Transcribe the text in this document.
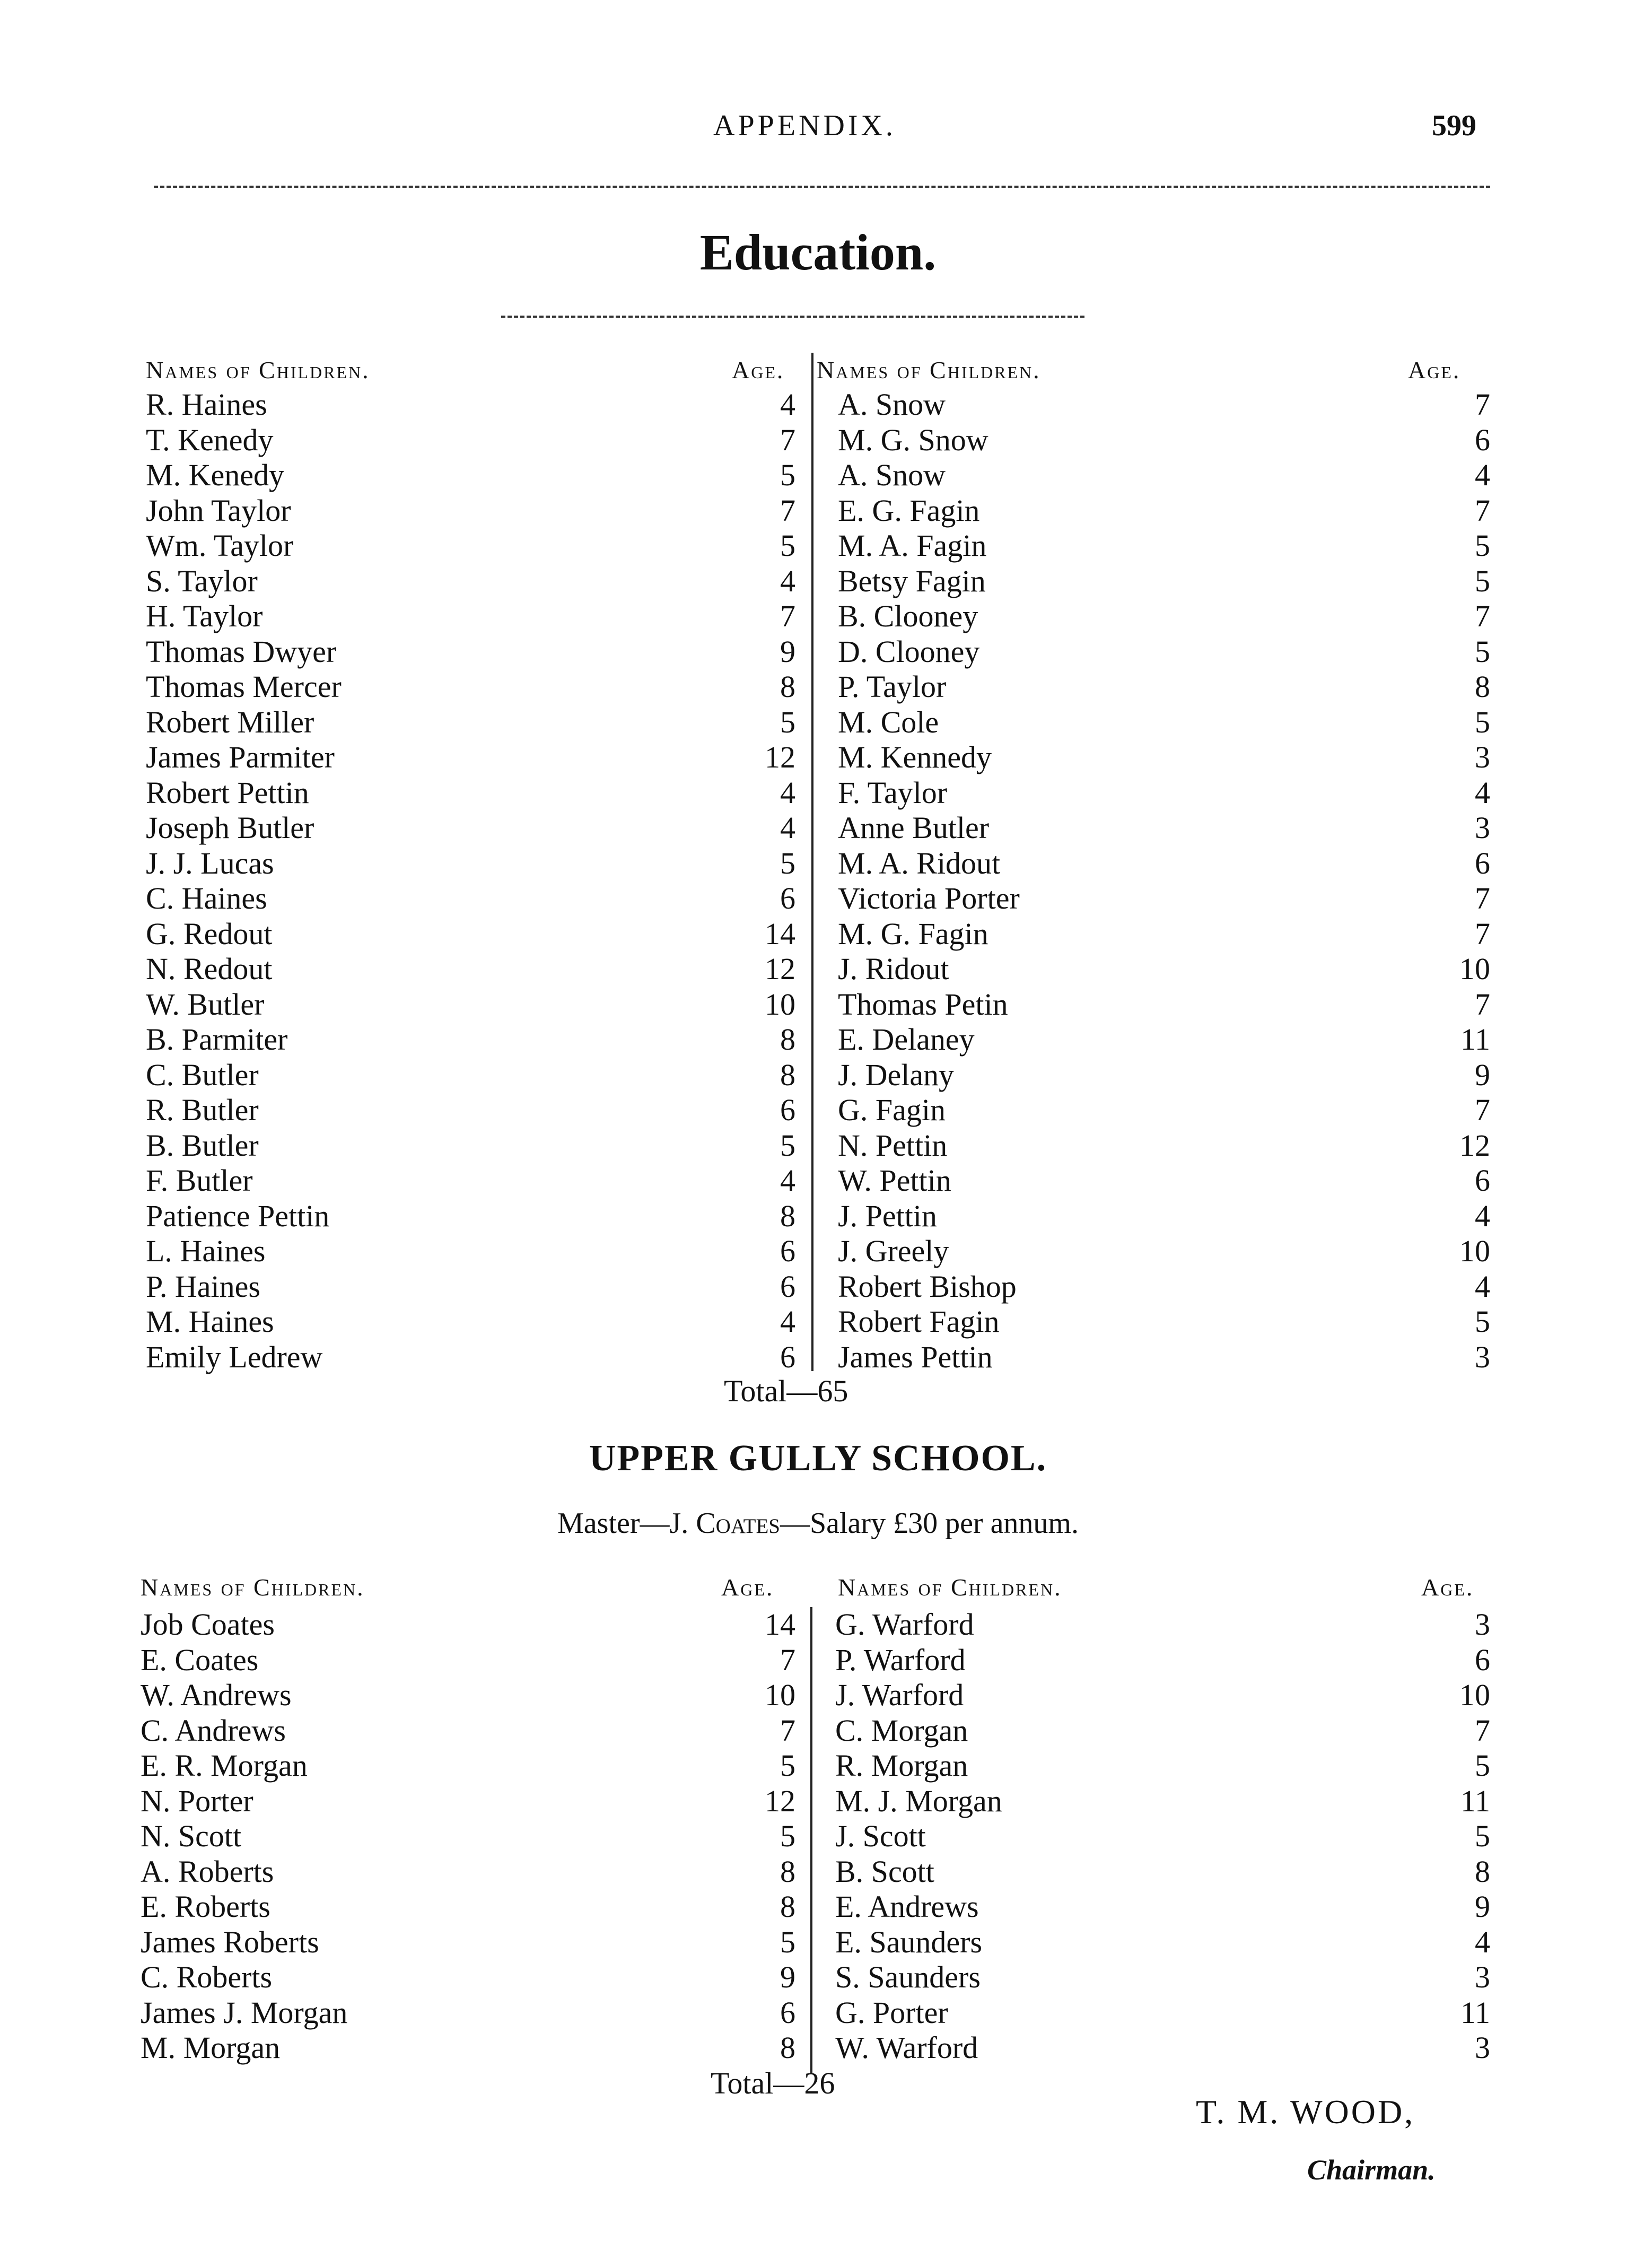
APPENDIX.	599
Education.
Names of Children.	Age. Names of Children.	Age.
Total—65
R. Haines	4
T. Kenedy	7
M. Kenedy	5
John Taylor	7
Wm. Taylor	5
S. Taylor	4
H. Taylor	7
Thomas Dwyer	9
Thomas Mercer	8
Robert Miller	5
James Parmiter	12
Robert Pettin	4
Joseph Butler	4
J. J. Lucas	5
C. Haines	6
G. Redout	14
N. Redout	12
W. Butler	10
B. Parmiter	8
C. Butler	8
R. Butler	6
B. Butler	5
F. Butler	4
Patience Pettin	8
L. Haines	6
P. Haines	6
M. Haines	4
Emily Ledrew	6
A. Snow	7
M. G. Snow	6
A. Snow	4
E. G. Fagin	7
M. A. Fagin	5
Betsy Fagin	5
B. Clooney	7
D. Clooney	5
P. Taylor	8
M. Cole	5
M. Kennedy	3
F. Taylor	4
Anne Butler	3
M. A. Ridout	6
Victoria Porter	7
M. G. Fagin	7
J. Ridout	10
Thomas Petin	7
E. Delaney	11
J. Delany	9
G. Fagin	7
N. Pettin	12
W. Pettin	6
J. Pettin	4
J. Greely	10
Robert Bishop	4
Robert Fagin	5
James Pettin	3
UPPER GULLY SCHOOL.
Master—J. Coates—Salary £30 per annum.
Names of Children.	Age.	Names of Children.	Age.
Total—26
Job Coates	14
E. Coates	7
W. Andrews	10
C. Andrews	7
E. R. Morgan	5
N. Porter	12
N. Scott	5
A. Roberts	8
E. Roberts	8
James Roberts	5
C. Roberts	9
James J. Morgan	6
M. Morgan	8
G. Warford	3
P. Warford	6
J. Warford	10
C. Morgan	7
R. Morgan	5
M. J. Morgan	11
J. Scott	5
B. Scott	8
E. Andrews	9
E. Saunders	4
S. Saunders	3
G. Porter	11
W. Warford	3
T. M. WOOD,
Chairman.
